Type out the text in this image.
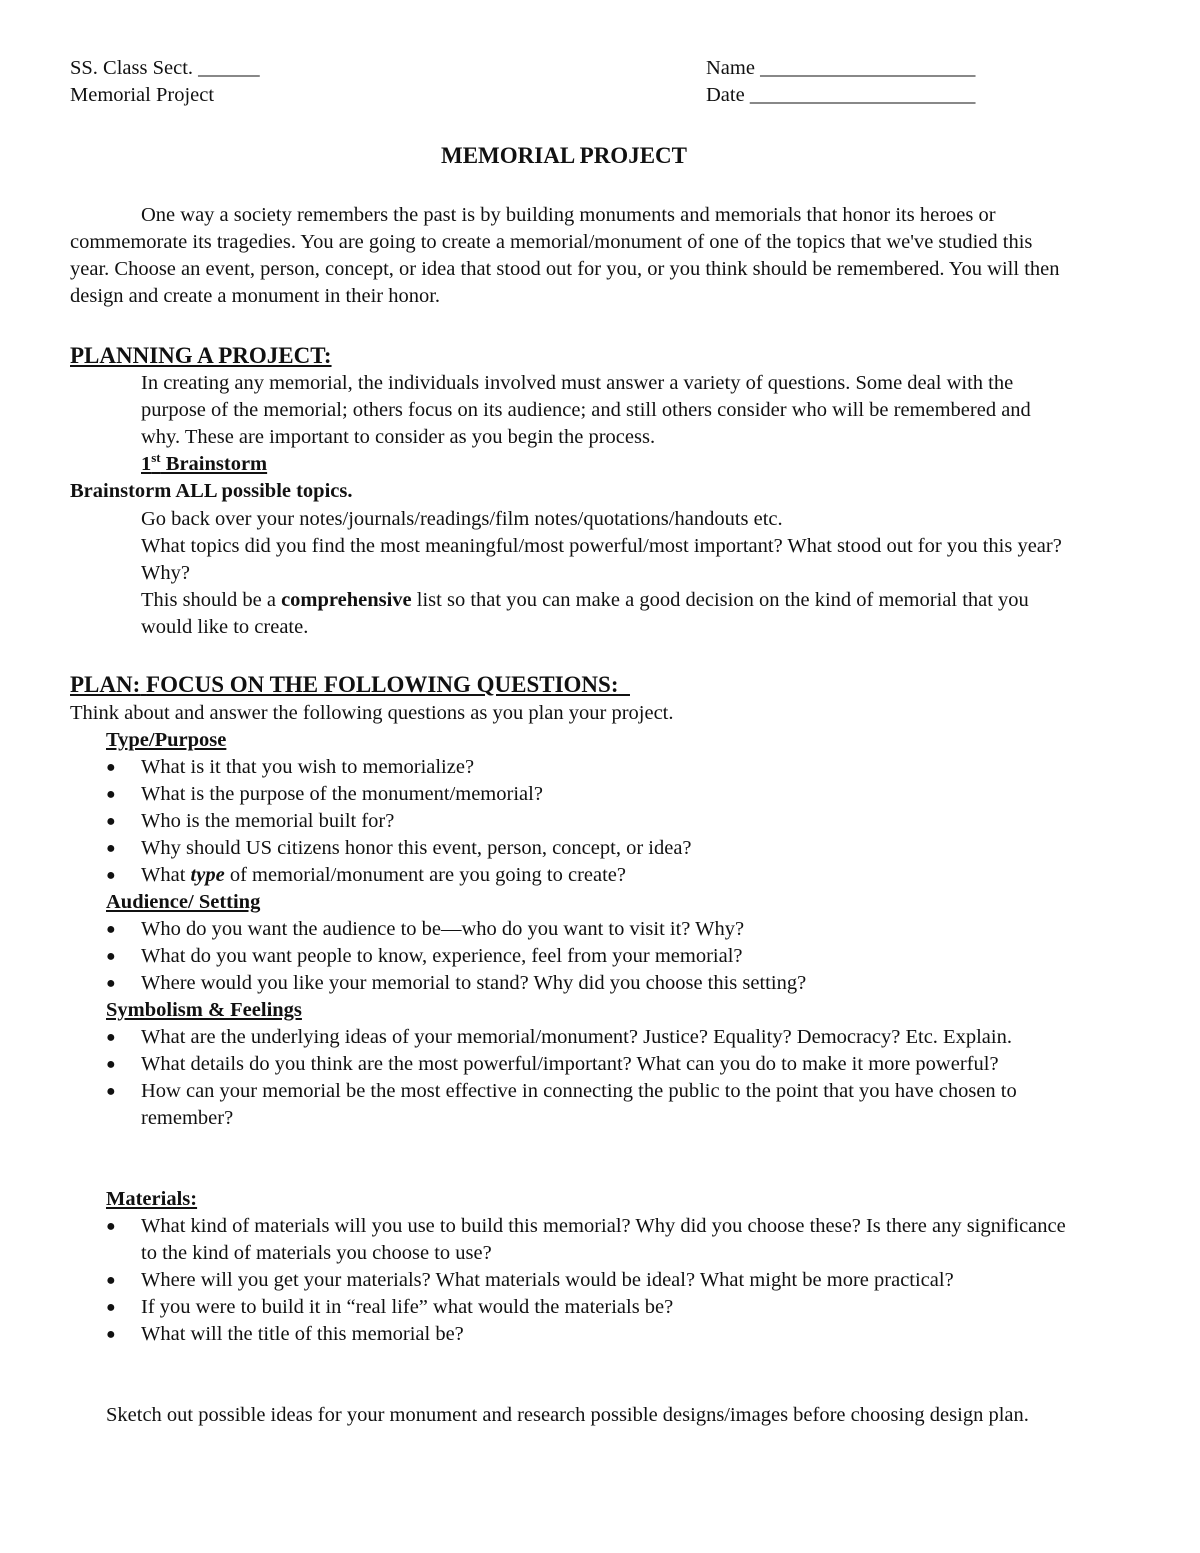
SS. Class Sect. ______
Memorial Project
Name _____________________
Date ______________________
MEMORIAL PROJECT

One way a society remembers the past is by building monuments and memorials that honor its heroes or commemorate its tragedies. You are going to create a memorial/monument of one of the topics that we've studied this year. Choose an event, person, concept, or idea that stood out for you, or you think should be remembered. You will then design and create a monument in their honor.

PLANNING A PROJECT:

In creating any memorial, the individuals involved must answer a variety of questions. Some deal with the purpose of the memorial; others focus on its audience; and still others consider who will be remembered and why. These are important to consider as you begin the process.

1st Brainstorm
Brainstorm ALL possible topics.

Go back over your notes/journals/readings/film notes/quotations/handouts etc.

What topics did you find the most meaningful/most powerful/most important? What stood out for you this year? Why?

This should be a comprehensive list so that you can make a good decision on the kind of memorial that you would like to create.

PLAN: FOCUS ON THE FOLLOWING QUESTIONS:
Think about and answer the following questions as you plan your project.
Type/Purpose
● What is it that you wish to memorialize?
● What is the purpose of the monument/memorial?
● Who is the memorial built for?
● Why should US citizens honor this event, person, concept, or idea?
● What type of memorial/monument are you going to create?
Audience/ Setting
● Who do you want the audience to be—who do you want to visit it? Why?
● What do you want people to know, experience, feel from your memorial?
● Where would you like your memorial to stand? Why did you choose this setting?
Symbolism & Feelings
● What are the underlying ideas of your memorial/monument? Justice? Equality? Democracy? Etc. Explain.
● What details do you think are the most powerful/important? What can you do to make it more powerful?
● How can your memorial be the most effective in connecting the public to the point that you have chosen to remember?
Materials:
● What kind of materials will you use to build this memorial? Why did you choose these? Is there any significance to the kind of materials you choose to use?
● Where will you get your materials? What materials would be ideal? What might be more practical?
● If you were to build it in “real life” what would the materials be?
● What will the title of this memorial be?

Sketch out possible ideas for your monument and research possible designs/images before choosing design plan.
